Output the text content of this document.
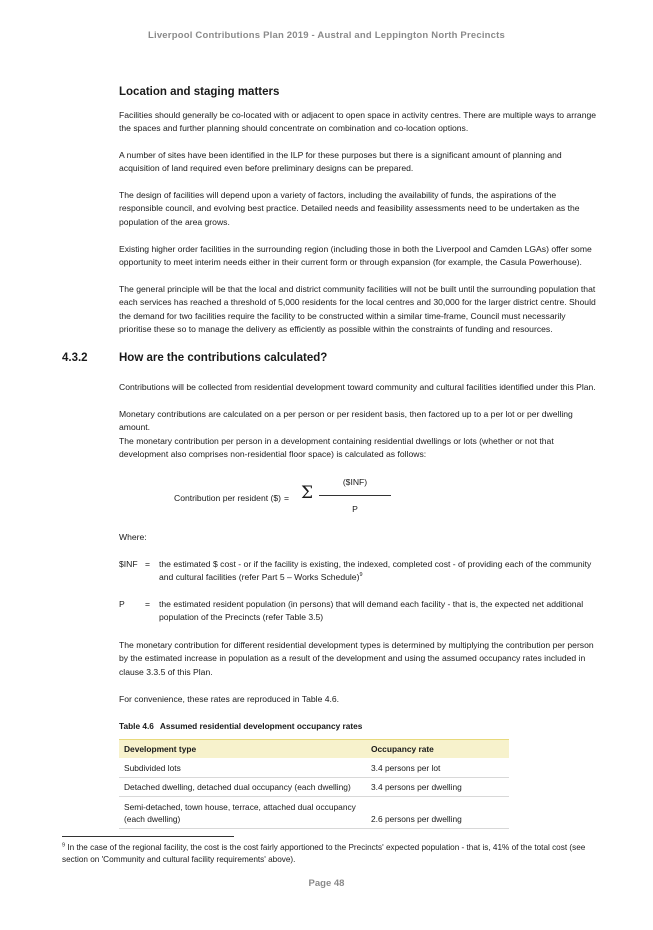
Liverpool Contributions Plan 2019 - Austral and Leppington North Precincts
Location and staging matters

Facilities should generally be co-located with or adjacent to open space in activity centres. There are multiple ways to arrange the spaces and further planning should concentrate on combination and co-location options.

A number of sites have been identified in the ILP for these purposes but there is a significant amount of planning and acquisition of land required even before preliminary designs can be prepared.

The design of facilities will depend upon a variety of factors, including the availability of funds, the aspirations of the responsible council, and evolving best practice. Detailed needs and feasibility assessments need to be undertaken as the population of the area grows.

Existing higher order facilities in the surrounding region (including those in both the Liverpool and Camden LGAs) offer some opportunity to meet interim needs either in their current form or through expansion (for example, the Casula Powerhouse).

The general principle will be that the local and district community facilities will not be built until the surrounding population that each services has reached a threshold of 5,000 residents for the local centres and 30,000 for the larger district centre. Should the demand for two facilities require the facility to be constructed within a similar time-frame, Council must necessarily prioritise these so to manage the delivery as efficiently as possible within the constraints of funding and resources.

4.3.2	How are the contributions calculated?

Contributions will be collected from residential development toward community and cultural facilities identified under this Plan.

Monetary contributions are calculated on a per person or per resident basis, then factored up to a per lot or per dwelling amount.

The monetary contribution per person in a development containing residential dwellings or lots (whether or not that development also comprises non-residential floor space) is calculated as follows:

Contribution per resident ($) = Σ
($INF)
P

Where:

$INF = the estimated $ cost - or if the facility is existing, the indexed, completed cost - of providing each of the community and cultural facilities (refer Part 5 – Works Schedule)$^9$
P = the estimated resident population (in persons) that will demand each facility - that is, the expected net additional population of the Precincts (refer Table 3.5)

The monetary contribution for different residential development types is determined by multiplying the contribution per person by the estimated increase in population as a result of the development and using the assumed occupancy rates included in clause 3.3.5 of this Plan.

For convenience, these rates are reproduced in Table 4.6.

Table 4.6 Assumed residential development occupancy rates
Development type	Occupancy rate
Subdivided lots	3.4 persons per lot
Detached dwelling, detached dual occupancy (each dwelling)	3.4 persons per dwelling
Semi-detached, town house, terrace, attached dual occupancy (each dwelling)	2.6 persons per dwelling
$^9$ In the case of the regional facility, the cost is the cost fairly apportioned to the Precincts' expected population - that is, 41% of the total cost (see section on 'Community and cultural facility requirements' above).
Page 48
